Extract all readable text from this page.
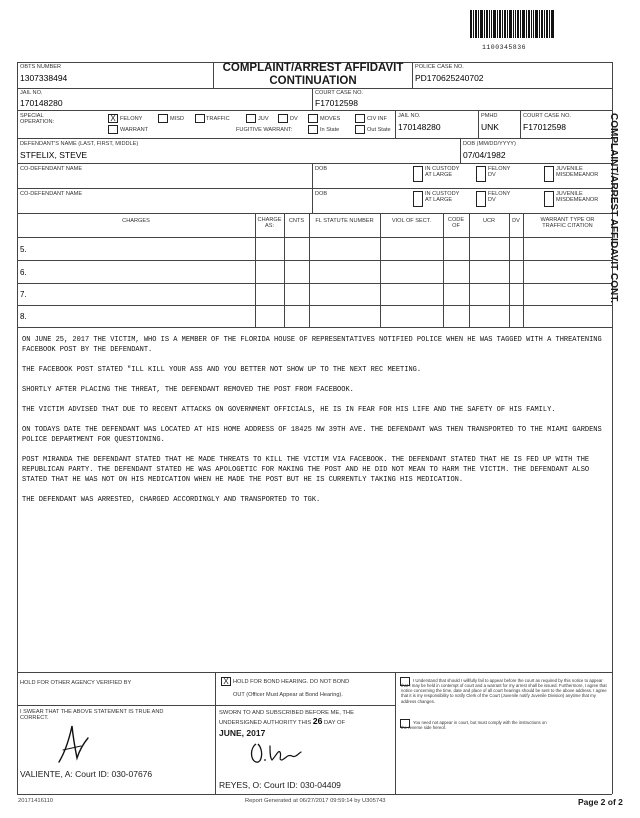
1100345836
OBTS NUMBER
1307338494
COMPLAINT/ARREST AFFIDAVIT
CONTINUATION
POLICE CASE NO.
PD170625240702
JAIL NO.
170148280
COURT CASE NO.
F17012598
SPECIAL
OPERATION:	X FELONY	MISD	TRAFFIC	JUV	DV	MOVES	CIV INF
WARRANT	FUGITIVE WARRANT:	In State	Out State
JAIL NO.
170148280
PMHD
UNK
COURT CASE NO.
F17012598
DEFENDANT'S NAME (LAST, FIRST, MIDDLE)
STFELIX, STEVE
DOB (MM/DD/YYYY)
07/04/1982
CO-DEFENDANT NAME	DOB	IN CUSTODY
AT LARGE
FELONY
DV
JUVENILE
MISDEMEANOR
CO-DEFENDANT NAME	DOB	IN CUSTODY
AT LARGE
FELONY
DV
JUVENILE
MISDEMEANOR
CHARGES	CHARGE
AS:
CNTS	FL STATUTE NUMBER	VIOL OF SECT.	CODE
OF
UCR	DV	WARRANT TYPE OR
TRAFFIC CITATION
5.
6.
7.
8.
COMPLAINT/ARREST AFFIDAVIT CONT.

ON JUNE 25, 2017 THE VICTIM, WHO IS A MEMBER OF THE FLORIDA HOUSE OF REPRESENTATIVES NOTIFIED POLICE WHEN HE WAS TAGGED WITH A THREATENING FACEBOOK POST BY THE DEFENDANT.

THE FACEBOOK POST STATED "ILL KILL YOUR ASS AND YOU BETTER NOT SHOW UP TO THE NEXT REC MEETING.

SHORTLY AFTER PLACING THE THREAT, THE DEFENDANT REMOVED THE POST FROM FACEBOOK.

THE VICTIM ADVISED THAT DUE TO RECENT ATTACKS ON GOVERNMENT OFFICIALS, HE IS IN FEAR FOR HIS LIFE AND THE SAFETY OF HIS FAMILY.

ON TODAYS DATE THE DEFENDANT WAS LOCATED AT HIS HOME ADDRESS OF 18425 NW 39TH AVE. THE DEFENDANT WAS THEN TRANSPORTED TO THE MIAMI GARDENS POLICE DEPARTMENT FOR QUESTIONING.

POST MIRANDA THE DEFENDANT STATED THAT HE MADE THREATS TO KILL THE VICTIM VIA FACEBOOK. THE DEFENDANT STATED THAT HE IS FED UP WITH THE REPUBLICAN PARTY. THE DEFENDANT STATED HE WAS APOLOGETIC FOR MAKING THE POST AND HE DID NOT MEAN TO HARM THE VICTIM. THE DEFENDANT ALSO STATED THAT HE WAS NOT ON HIS MEDICATION WHEN HE MADE THE POST BUT HE IS CURRENTLY TAKING HIS MEDICATION.

THE DEFENDANT WAS ARRESTED, CHARGED ACCORDINGLY AND TRANSPORTED TO TGK.

HOLD FOR OTHER AGENCY VERIFIED BY	X HOLD FOR BOND HEARING. DO NOT BOND
OUT (Officer Must Appear at Bond Hearing).
I Understand that should I willfully fail to appear before the court as required by this notice to appear that I may be held in contempt of court and a warrant for my arrest shall be issued. Furthermore, I agree that notice concerning the time, date and place of all court hearings should be sent to the above address. I agree that it is my responsibility to notify Clerk of the Court (Juvenile notify Juvenile Division) anytime that my address changes.
You need not appear in court, but must comply with the instructions on the reverse side hereof.
I SWEAR THAT THE ABOVE STATEMENT IS TRUE AND CORRECT.
VALIENTE, A: Court ID: 030-07676
SWORN TO AND SUBSCRIBED BEFORE ME, THE
UNDERSIGNED AUTHORITY THIS 26 DAY OF
JUNE, 2017
REYES, O: Court ID: 030-04409
20171416110	Report Generated at 06/27/2017 09:59:14 by U305743	Page 2 of 2
